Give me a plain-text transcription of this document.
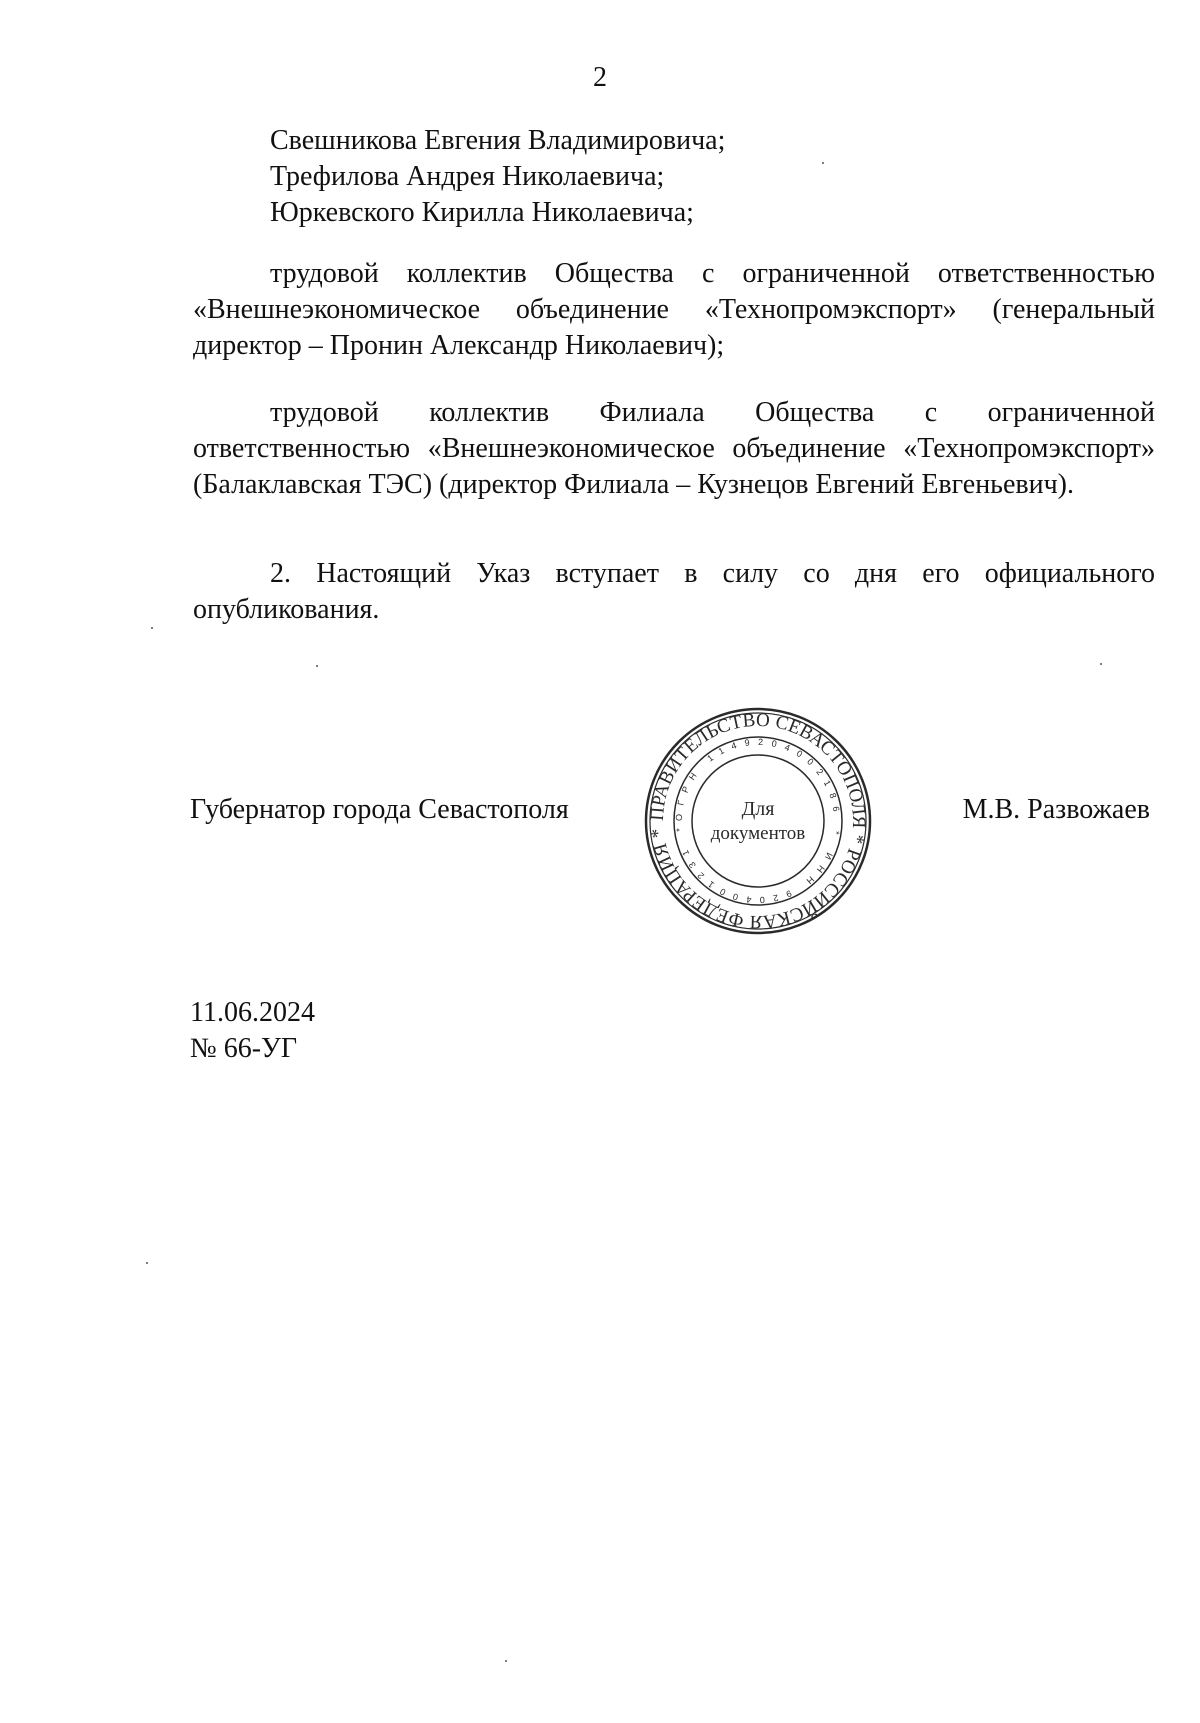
2
Свешникова Евгения Владимировича;
Трефилова Андрея Николаевича;
Юркевского Кирилла Николаевича;
трудовой коллектив Общества с ограниченной ответственностью «Внешнеэкономическое объединение «Технопромэкспорт» (генеральный директор – Пронин Александр Николаевич);
трудовой коллектив Филиала Общества с ограниченной ответственностью «Внешнеэкономическое объединение «Технопромэкспорт» (Балаклавская ТЭС) (директор Филиала – Кузнецов Евгений Евгеньевич).
2. Настоящий Указ вступает в силу со дня его официального опубликования.
Губернатор города Севастополя	М.В. Развожаев
ПРАВИТЕЛЬСТВО СЕВАСТОПОЛЯ * РОССИЙСКАЯ ФЕДЕРАЦИЯ *
ОГРН 1149204002186 * ИНН 9204001231 *
Для
документов
11.06.2024
№ 66-УГ
